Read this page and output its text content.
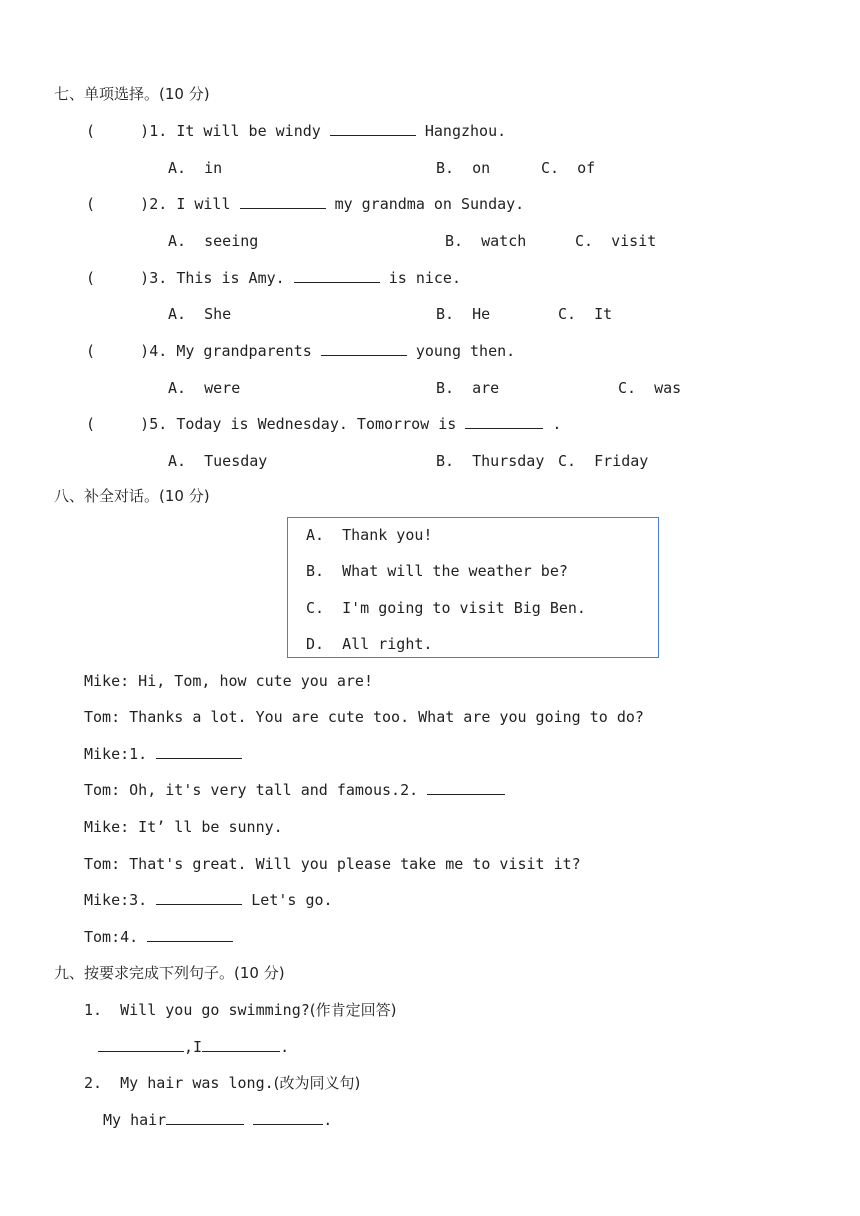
七、单项选择。(10 分)
(     )1. It will be windy	Hangzhou.
A.  in	B.  on	C.  of
(     )2. I will	my grandma on Sunday.
A.  seeing	B.  watch	C.  visit
(     )3. This is Amy.	is nice.
A.  She	B.  He	C.  It
(     )4. My grandparents	young then.
A.  were	B.  are	C.  was
(     )5. Today is Wednesday. Tomorrow is	.
A.  Tuesday	B.  Thursday C.  Friday
八、补全对话。(10 分)
A.  Thank you!
B.  What will the weather be?
C.  I'm going to visit Big Ben.
D.  All right.
Mike: Hi, Tom, how cute you are!
Tom: Thanks a lot. You are cute too. What are you going to do?
Mike:1.
Tom: Oh, it's very tall and famous.2.
Mike: It’ ll be sunny.
Tom: That's great. Will you please take me to visit it?
Mike:3.	Let's go.
Tom:4.
九、按要求完成下列句子。(10 分)
1.  Will you go swimming?(作肯定回答)
,I	.
2.  My hair was long.(改为同义句)
My hair	.
